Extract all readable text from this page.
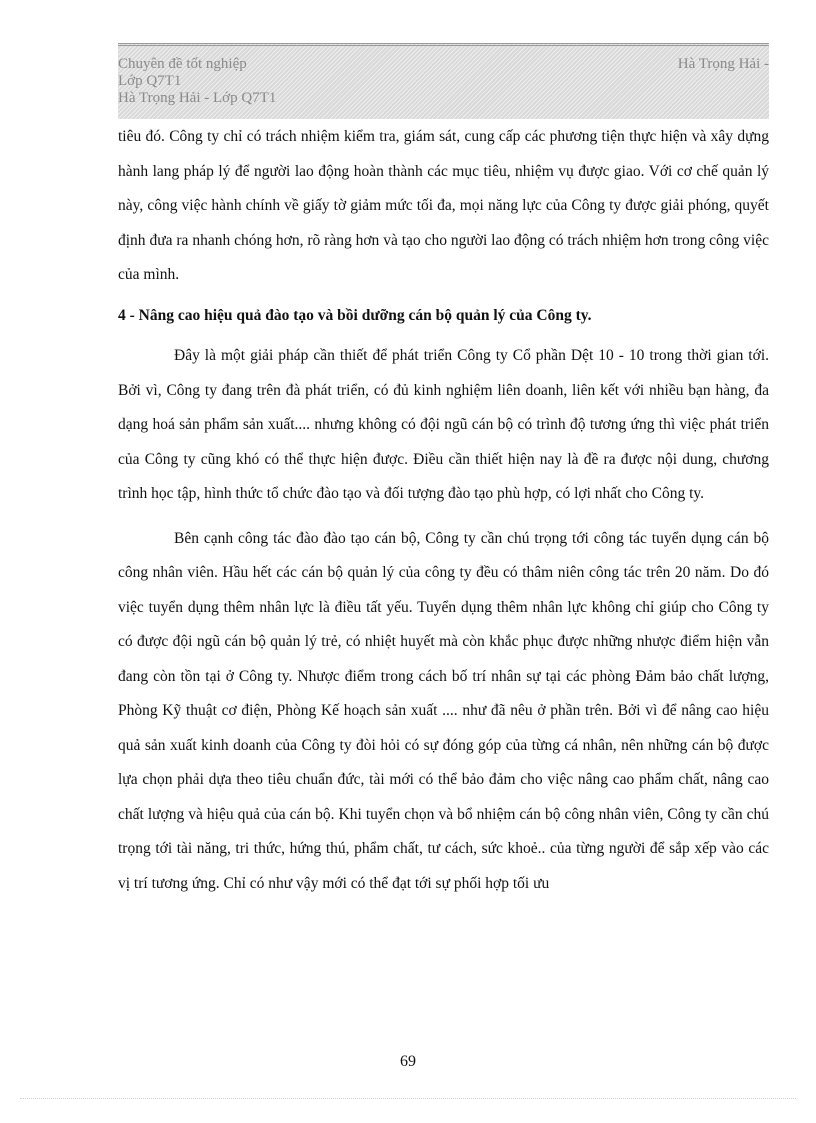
Chuyên đề tốt nghiệp	Hà Trọng Hải -
Lớp Q7T1
Hà Trọng Hải - Lớp Q7T1

tiêu đó. Công ty chỉ có trách nhiệm kiểm tra, giám sát, cung cấp các phương tiện thực hiện và xây dựng hành lang pháp lý để người lao động hoàn thành các mục tiêu, nhiệm vụ được giao. Với cơ chế quản lý này, công việc hành chính về giấy tờ giảm mức tối đa, mọi năng lực của Công ty được giải phóng, quyết định đưa ra nhanh chóng hơn, rõ ràng hơn và tạo cho người lao động có trách nhiệm hơn trong công việc của mình.

4 - Nâng cao hiệu quả đào tạo và bồi dưỡng cán bộ quản lý của Công ty.

Đây là một giải pháp cần thiết để phát triển Công ty Cổ phần Dệt 10 - 10 trong thời gian tới. Bởi vì, Công ty đang trên đà phát triển, có đủ kinh nghiệm liên doanh, liên kết với nhiều bạn hàng, đa dạng hoá sản phẩm sản xuất.... nhưng không có đội ngũ cán bộ có trình độ tương ứng thì việc phát triển của Công ty cũng khó có thể thực hiện được. Điều cần thiết hiện nay là đề ra được nội dung, chương trình học tập, hình thức tổ chức đào tạo và đối tượng đào tạo phù hợp, có lợi nhất cho Công ty.

Bên cạnh công tác đào đào tạo cán bộ, Công ty cần chú trọng tới công tác tuyển dụng cán bộ công nhân viên. Hầu hết các cán bộ quản lý của công ty đều có thâm niên công tác trên 20 năm. Do đó việc tuyển dụng thêm nhân lực là điều tất yếu. Tuyển dụng thêm nhân lực không chỉ giúp cho Công ty có được đội ngũ cán bộ quản lý trẻ, có nhiệt huyết mà còn khắc phục được những nhược điểm hiện vẫn đang còn tồn tại ở Công ty. Nhược điểm trong cách bố trí nhân sự tại các phòng Đảm bảo chất lượng, Phòng Kỹ thuật cơ điện, Phòng Kế hoạch sản xuất .... như đã nêu ở phần trên. Bởi vì để nâng cao hiệu quả sản xuất kinh doanh của Công ty đòi hỏi có sự đóng góp của từng cá nhân, nên những cán bộ được lựa chọn phải dựa theo tiêu chuẩn đức, tài mới có thể bảo đảm cho việc nâng cao phẩm chất, nâng cao chất lượng và hiệu quả của cán bộ. Khi tuyển chọn và bổ nhiệm cán bộ công nhân viên, Công ty cần chú trọng tới tài năng, tri thức, hứng thú, phẩm chất, tư cách, sức khoẻ.. của từng người để sắp xếp vào các vị trí tương ứng. Chỉ có như vậy mới có thể đạt tới sự phối hợp tối ưu

69
